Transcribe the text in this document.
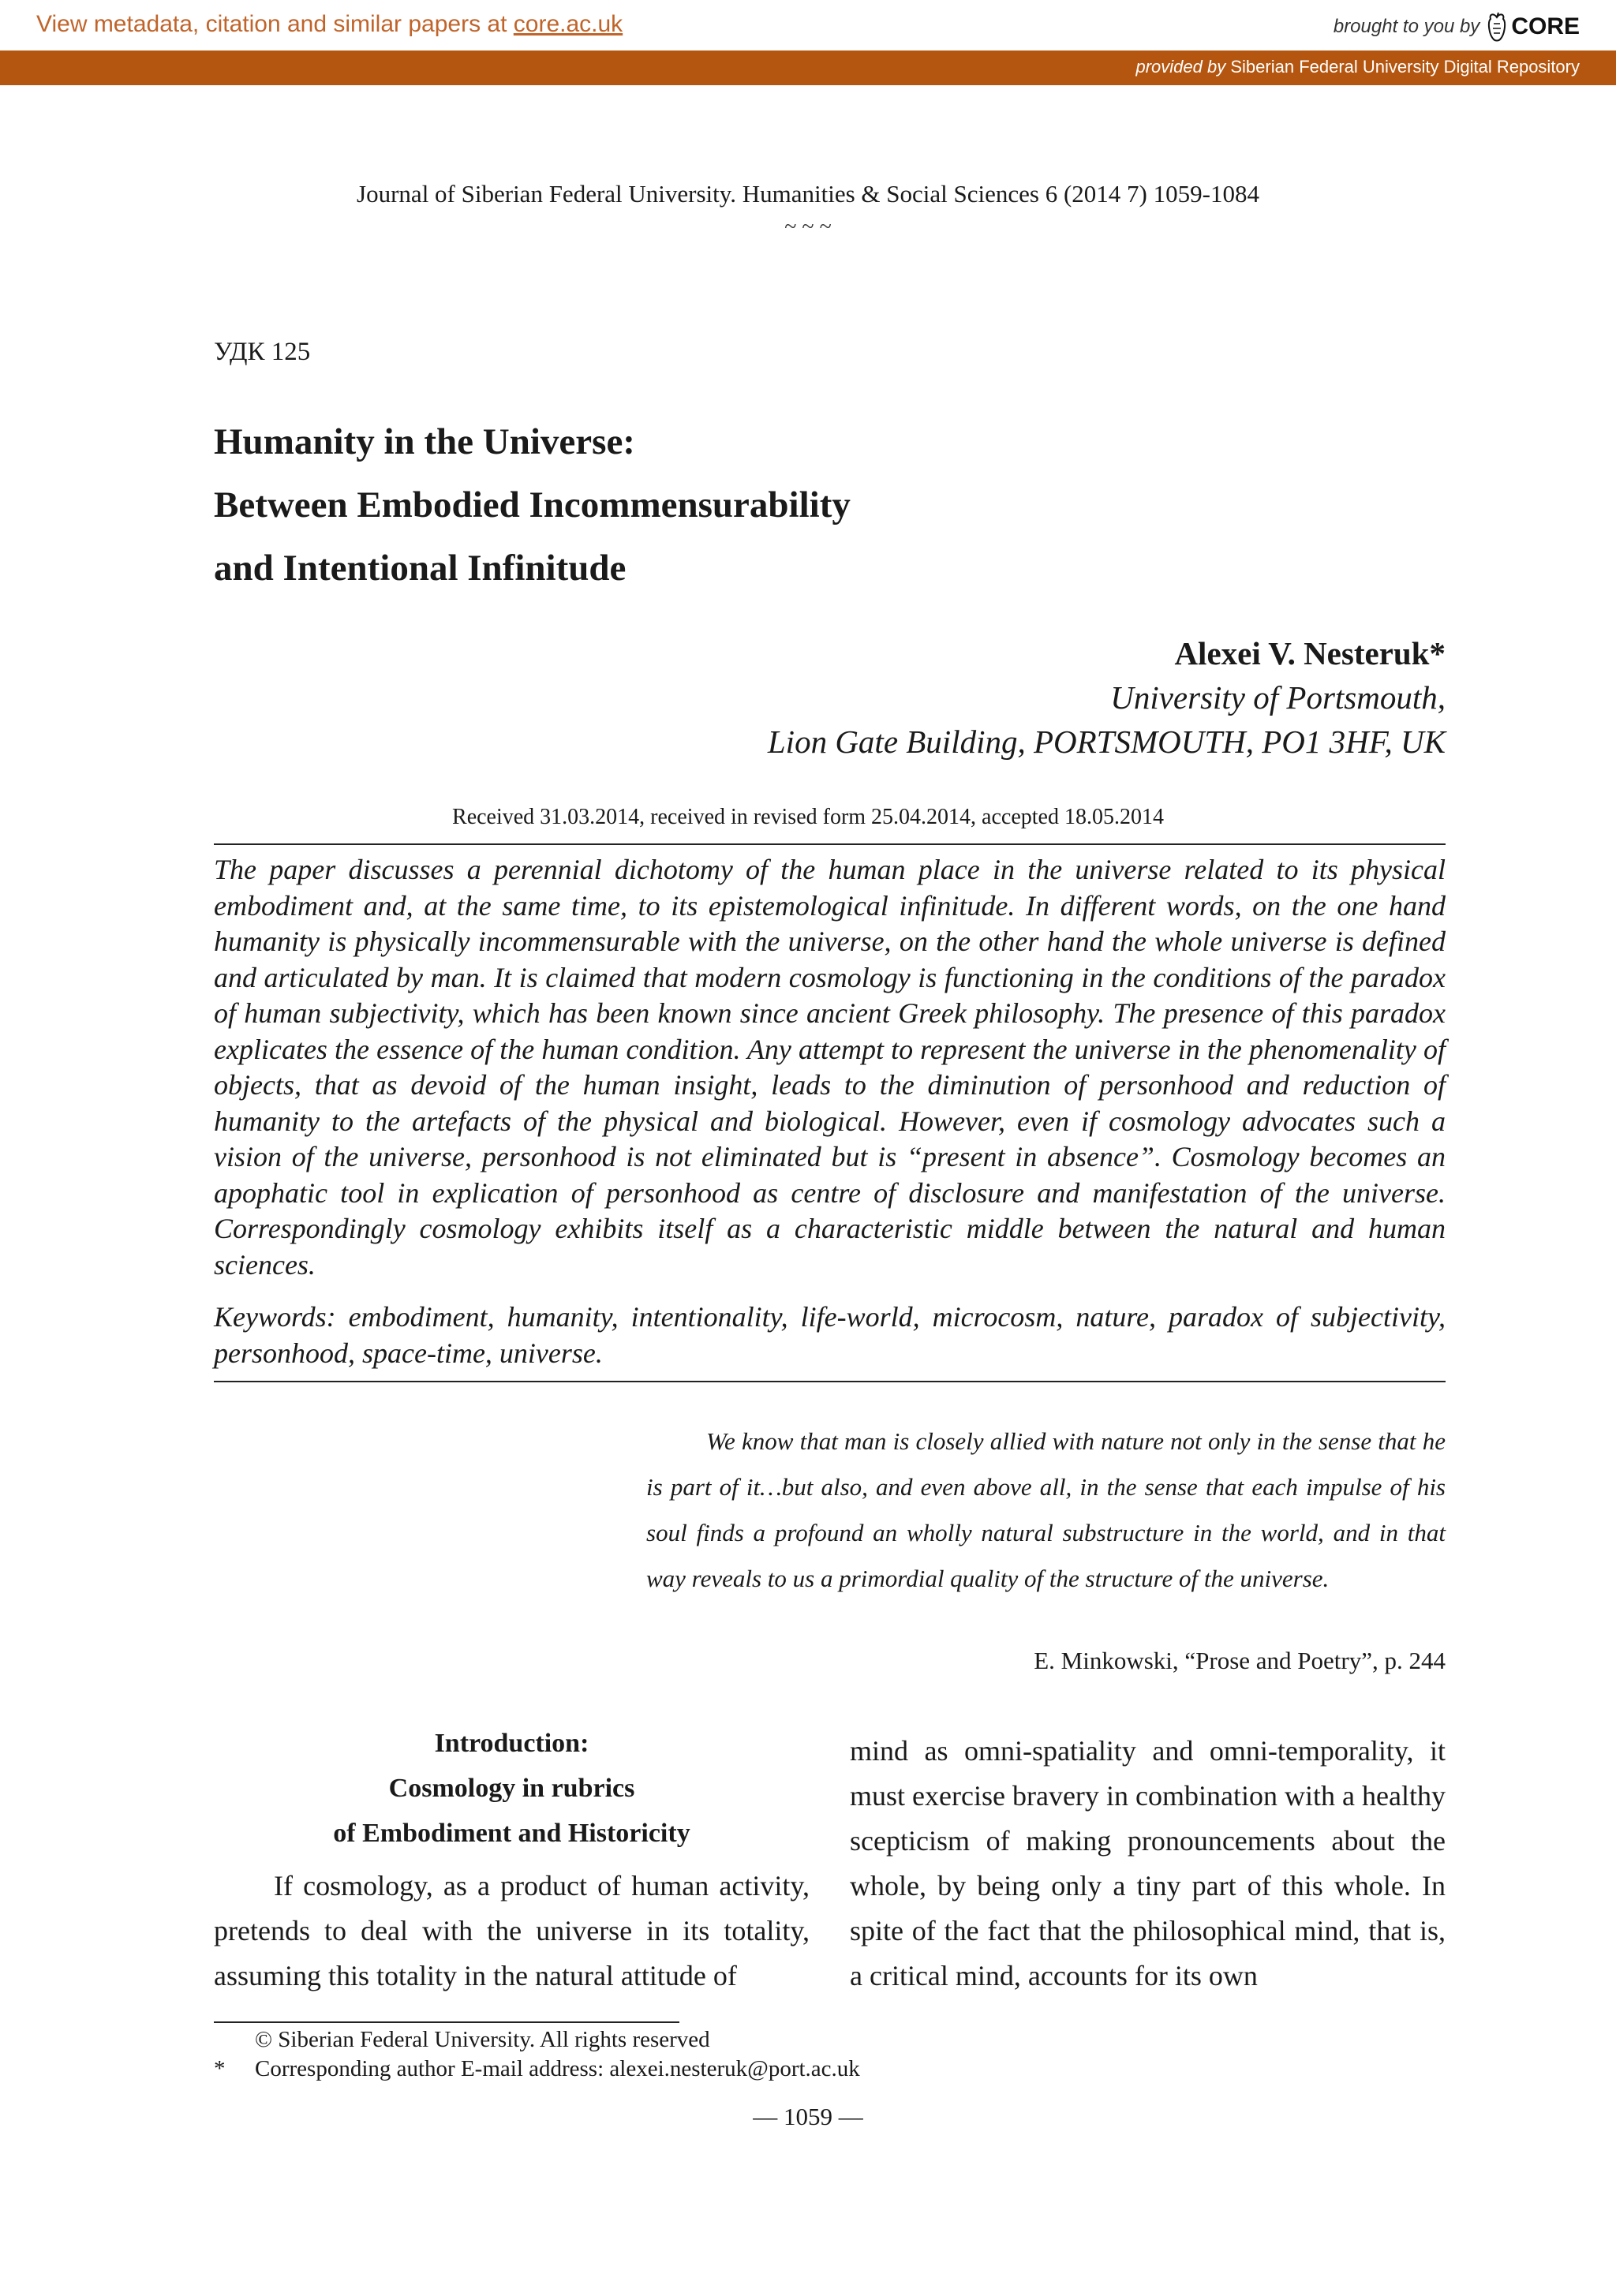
View metadata, citation and similar papers at core.ac.uk	brought to you by CORE
provided by Siberian Federal University Digital Repository
Journal of Siberian Federal University. Humanities & Social Sciences 6 (2014 7) 1059-1084
~ ~ ~
УДК 125
Humanity in the Universe:
Between Embodied Incommensurability
and Intentional Infinitude
Alexei V. Nesteruk*
University of Portsmouth,
Lion Gate Building, PORTSMOUTH, PO1 3HF, UK
Received 31.03.2014, received in revised form 25.04.2014, accepted 18.05.2014
The paper discusses a perennial dichotomy of the human place in the universe related to its physical embodiment and, at the same time, to its epistemological infinitude. In different words, on the one hand humanity is physically incommensurable with the universe, on the other hand the whole universe is defined and articulated by man. It is claimed that modern cosmology is functioning in the conditions of the paradox of human subjectivity, which has been known since ancient Greek philosophy. The presence of this paradox explicates the essence of the human condition. Any attempt to represent the universe in the phenomenality of objects, that as devoid of the human insight, leads to the diminution of personhood and reduction of humanity to the artefacts of the physical and biological. However, even if cosmology advocates such a vision of the universe, personhood is not eliminated but is “present in absence”. Cosmology becomes an apophatic tool in explication of personhood as centre of disclosure and manifestation of the universe. Correspondingly cosmology exhibits itself as a characteristic middle between the natural and human sciences.
Keywords: embodiment, humanity, intentionality, life-world, microcosm, nature, paradox of subjectivity, personhood, space-time, universe.
We know that man is closely allied with nature not only in the sense that he is part of it…but also, and even above all, in the sense that each impulse of his soul finds a profound an wholly natural substructure in the world, and in that way reveals to us a primordial quality of the structure of the universe.
E. Minkowski, “Prose and Poetry”, p. 244
Introduction:
Cosmology in rubrics
of Embodiment and Historicity
If cosmology, as a product of human activity, pretends to deal with the universe in its totality, assuming this totality in the natural attitude of
mind as omni-spatiality and omni-temporality, it must exercise bravery in combination with a healthy scepticism of making pronouncements about the whole, by being only a tiny part of this whole. In spite of the fact that the philosophical mind, that is, a critical mind, accounts for its own
© Siberian Federal University. All rights reserved
* Corresponding author E-mail address: alexei.nesteruk@port.ac.uk
— 1059 —
